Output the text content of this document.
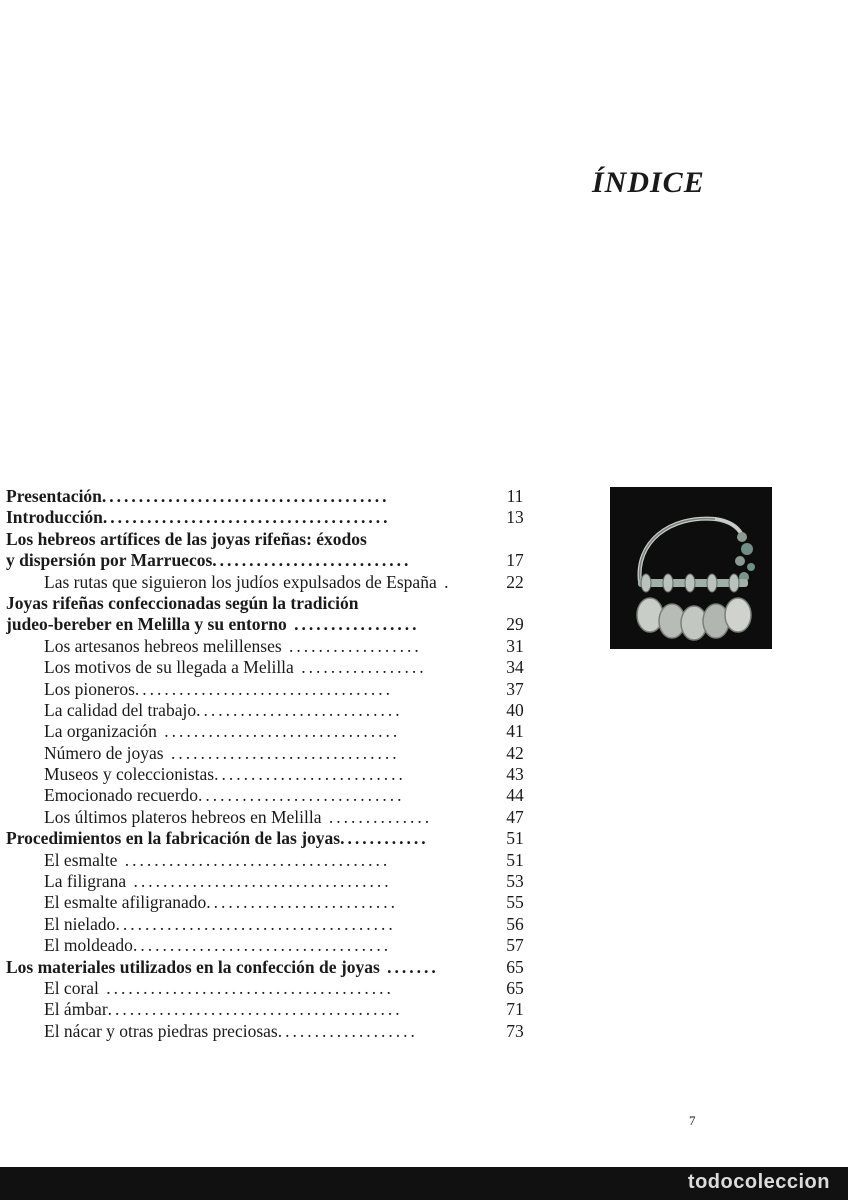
ÍNDICE
Presentación.......................................	11
Introducción.......................................	13
Los hebreos artífices de las joyas rifeñas: éxodos
y dispersión por Marruecos...........................	17
Las rutas que siguieron los judíos expulsados de España .	22
Joyas rifeñas confeccionadas según la tradición
judeo-bereber en Melilla y su entorno .................	29
Los artesanos hebreos melillenses ..................	31
Los motivos de su llegada a Melilla .................	34
Los pioneros...................................	37
La calidad del trabajo............................	40
La organización ................................	41
Número de joyas ...............................	42
Museos y coleccionistas..........................	43
Emocionado recuerdo............................	44
Los últimos plateros hebreos en Melilla ..............	47
Procedimientos en la fabricación de las joyas............	51
El esmalte ....................................	51
La filigrana ...................................	53
El esmalte afiligranado..........................	55
El nielado......................................	56
El moldeado...................................	57
Los materiales utilizados en la confección de joyas .......	65
El coral .......................................	65
El ámbar........................................	71
El nácar y otras piedras preciosas...................	73
7
todocoleccion
